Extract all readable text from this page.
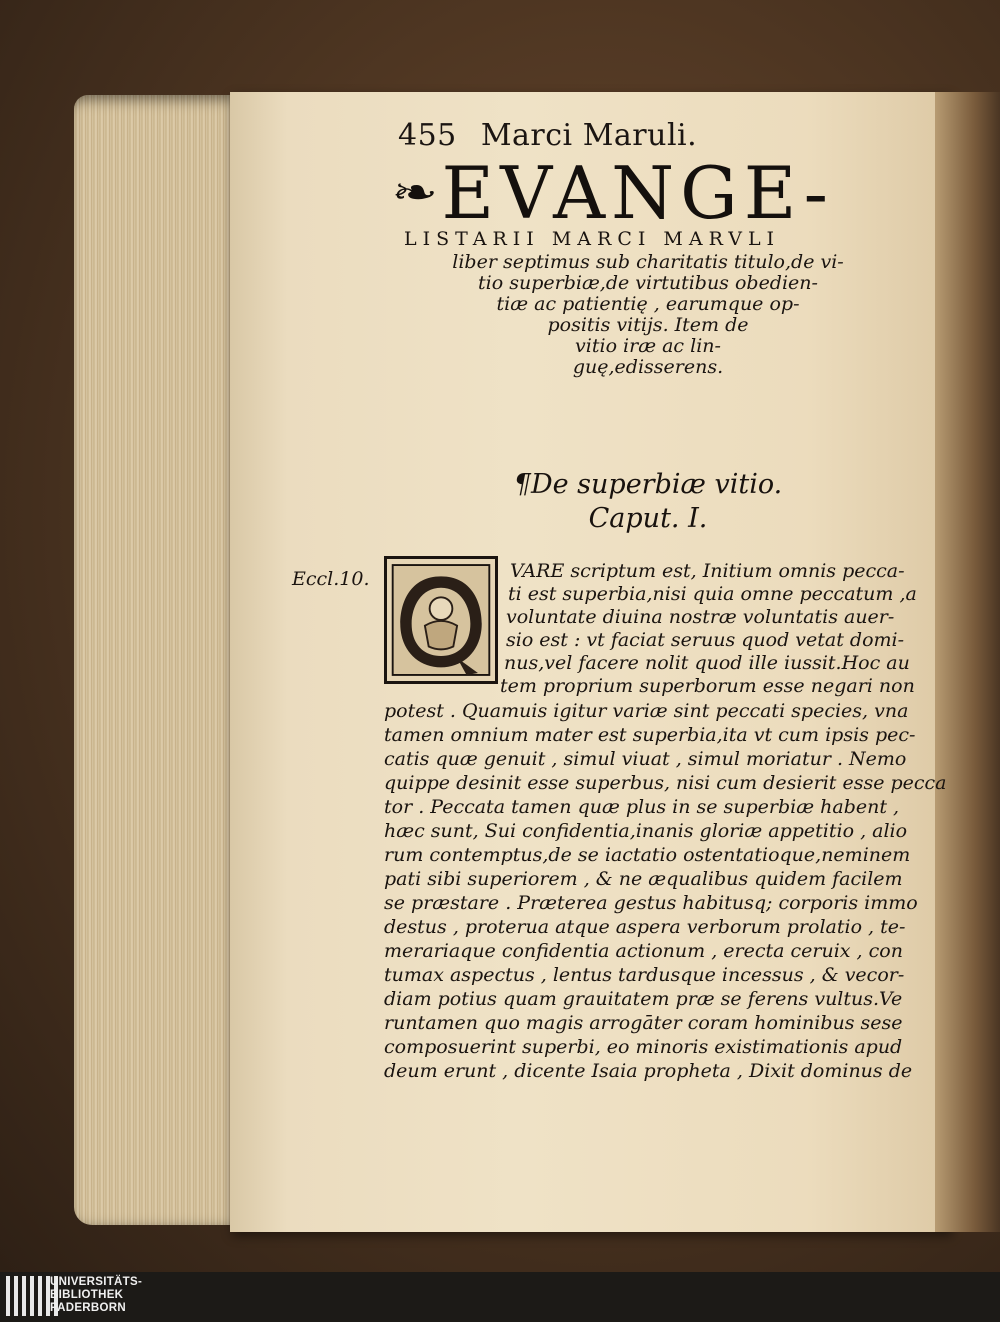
455 Marci Maruli.
❧ EVANGE-
LISTARII MARCI MARVLI
liber septimus sub charitatis titulo,de vi-
tio superbiæ,de virtutibus obedien-
tiæ ac patientię , earumque op-
positis vitijs. Item de
vitio iræ ac lin-
guę,edisserens.
¶De superbiæ vitio.
Caput. I.
Eccl.10.	VARE scriptum est, Initium omnis pecca-
ti est superbia,nisi quia omne peccatum ,a
voluntate diuina nostræ voluntatis auer-
sio est : vt faciat seruus quod vetat domi-
nus,vel facere nolit quod ille iussit.Hoc au
tem proprium superborum esse negari non
potest . Quamuis igitur variæ sint peccati species, vna
tamen omnium mater est superbia,ita vt cum ipsis pec-
catis quæ genuit , simul viuat , simul moriatur . Nemo
quippe desinit esse superbus, nisi cum desierit esse pecca
tor . Peccata tamen quæ plus in se superbiæ habent ,
hæc sunt, Sui confidentia,inanis gloriæ appetitio , alio
rum contemptus,de se iactatio ostentatioque,neminem
pati sibi superiorem , & ne æqualibus quidem facilem
se præstare . Præterea gestus habitusq; corporis immo
destus , proterua atque aspera verborum prolatio , te-
merariaque confidentia actionum , erecta ceruix , con
tumax aspectus , lentus tardusque incessus , & vecor-
diam potius quam grauitatem præ se ferens vultus.Ve
runtamen quo magis arrogāter coram hominibus sese
composuerint superbi, eo minoris existimationis apud
deum erunt , dicente Isaia propheta , Dixit dominus de
UNIVERSITÄTS-
BIBLIOTHEK
PADERBORN
